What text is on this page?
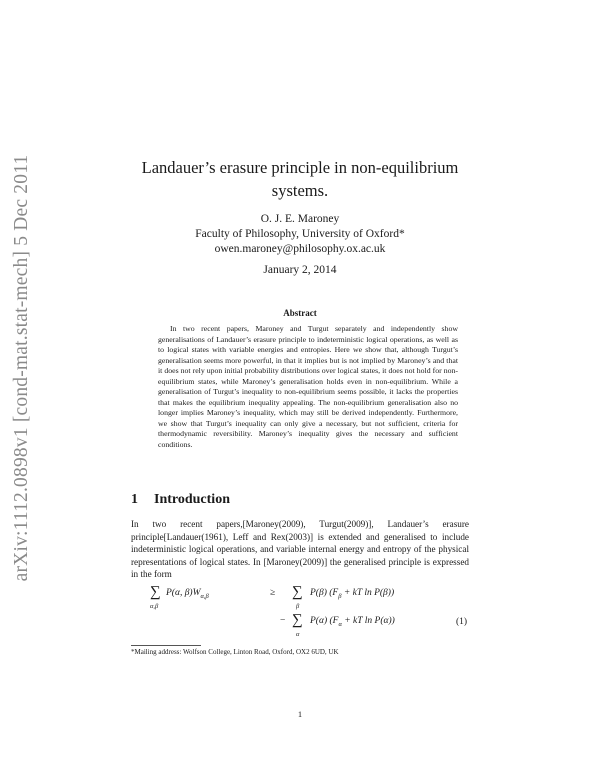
arXiv:1112.0898v1 [cond-mat.stat-mech] 5 Dec 2011	Landauer’s erasure principle in non-equilibrium
systems.
O. J. E. Maroney
Faculty of Philosophy, University of Oxford*
owen.maroney@philosophy.ox.ac.uk
January 2, 2014
Abstract

In two recent papers, Maroney and Turgut separately and independently show generalisations of Landauer’s erasure principle to indeterministic logical operations, as well as to logical states with variable energies and entropies. Here we show that, although Turgut’s generalisation seems more powerful, in that it implies but is not implied by Maroney’s and that it does not rely upon initial probability distributions over logical states, it does not hold for non-equilibrium states, while Maroney’s generalisation holds even in non-equilibrium. While a generalisation of Turgut’s inequality to non-equilibrium seems possible, it lacks the properties that makes the equilibrium inequality appealing. The non-equilibrium generalisation also no longer implies Maroney’s inequality, which may still be derived independently. Furthermore, we show that Turgut’s inequality can only give a necessary, but not sufficient, criteria for thermodynamic reversibility. Maroney’s inequality gives the necessary and sufficient conditions.

1 Introduction

In two recent papers,[Maroney(2009), Turgut(2009)], Landauer’s erasure principle[Landauer(1961), Leff and Rex(2003)] is extended and generalised to include indeterministic logical operations, and variable internal energy and entropy of the physical representations of logical states. In [Maroney(2009)] the generalised principle is expressed in the form

∑
α,β
P(α, $\beta)W_{\alpha,\beta}$	≥ ∑
β
P(β) ($F_\beta$ + kT ln P(β))
− ∑
α
P(α) ($F_\alpha$ + kT ln P(α))	(1)

*Mailing address: Wolfson College, Linton Road, Oxford, OX2 6UD, UK

1
